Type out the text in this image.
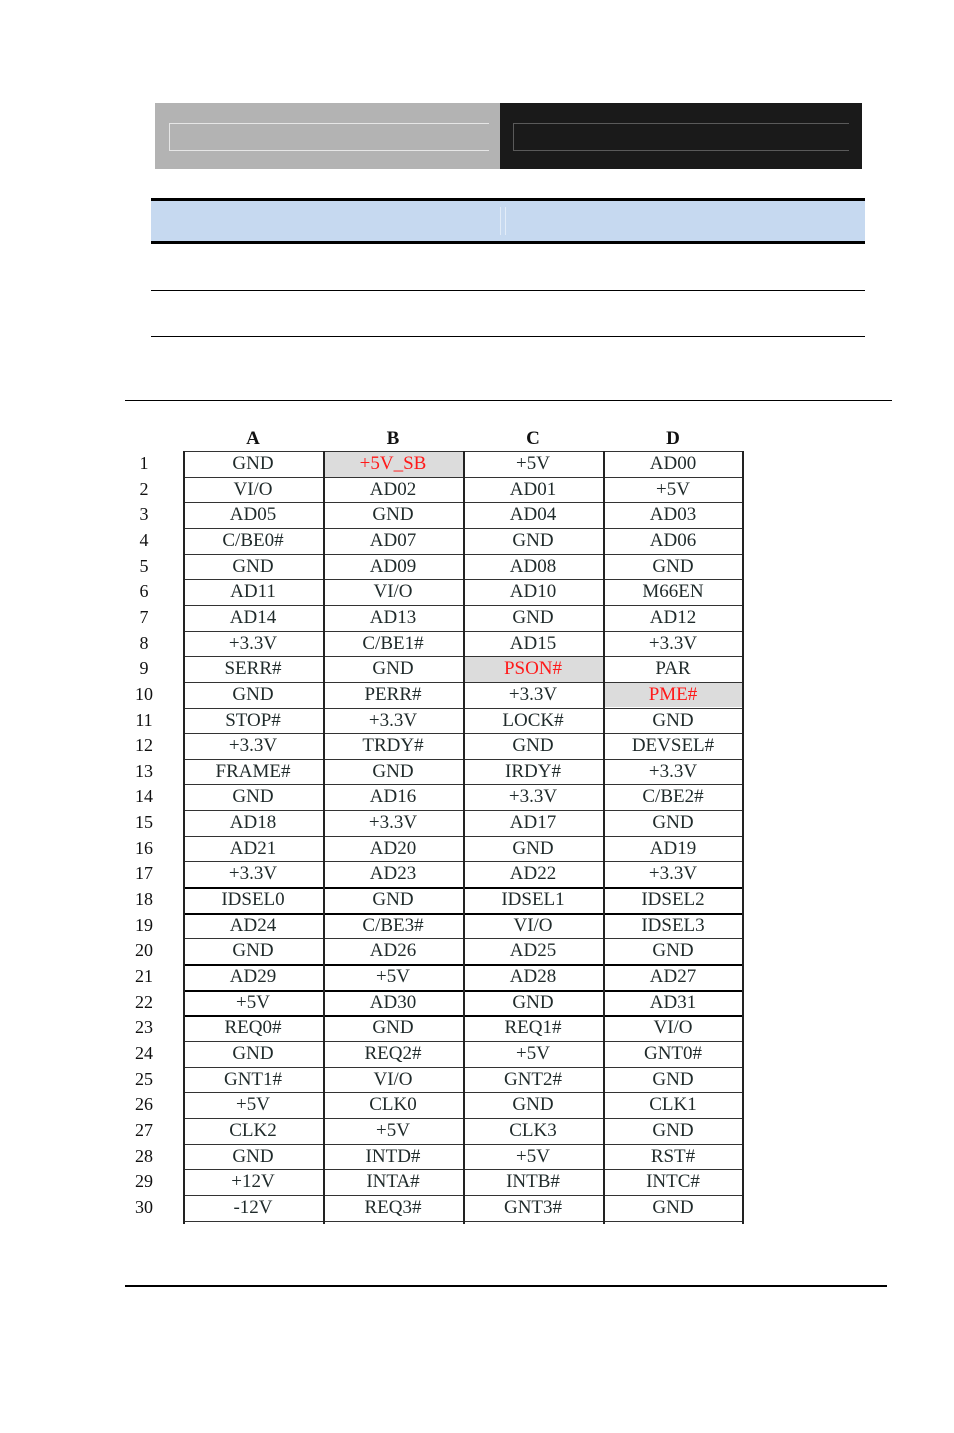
A	B	C	D
1	GND	+5V_SB	+5V	AD00
2	VI/O	AD02	AD01	+5V
3	AD05	GND	AD04	AD03
4	C/BE0#	AD07	GND	AD06
5	GND	AD09	AD08	GND
6	AD11	VI/O	AD10	M66EN
7	AD14	AD13	GND	AD12
8	+3.3V	C/BE1#	AD15	+3.3V
9	SERR#	GND	PSON#	PAR
10	GND	PERR#	+3.3V	PME#
11	STOP#	+3.3V	LOCK#	GND
12	+3.3V	TRDY#	GND	DEVSEL#
13	FRAME#	GND	IRDY#	+3.3V
14	GND	AD16	+3.3V	C/BE2#
15	AD18	+3.3V	AD17	GND
16	AD21	AD20	GND	AD19
17	+3.3V	AD23	AD22	+3.3V
18	IDSEL0	GND	IDSEL1	IDSEL2
19	AD24	C/BE3#	VI/O	IDSEL3
20	GND	AD26	AD25	GND
21	AD29	+5V	AD28	AD27
22	+5V	AD30	GND	AD31
23	REQ0#	GND	REQ1#	VI/O
24	GND	REQ2#	+5V	GNT0#
25	GNT1#	VI/O	GNT2#	GND
26	+5V	CLK0	GND	CLK1
27	CLK2	+5V	CLK3	GND
28	GND	INTD#	+5V	RST#
29	+12V	INTA#	INTB#	INTC#
30	-12V	REQ3#	GNT3#	GND
